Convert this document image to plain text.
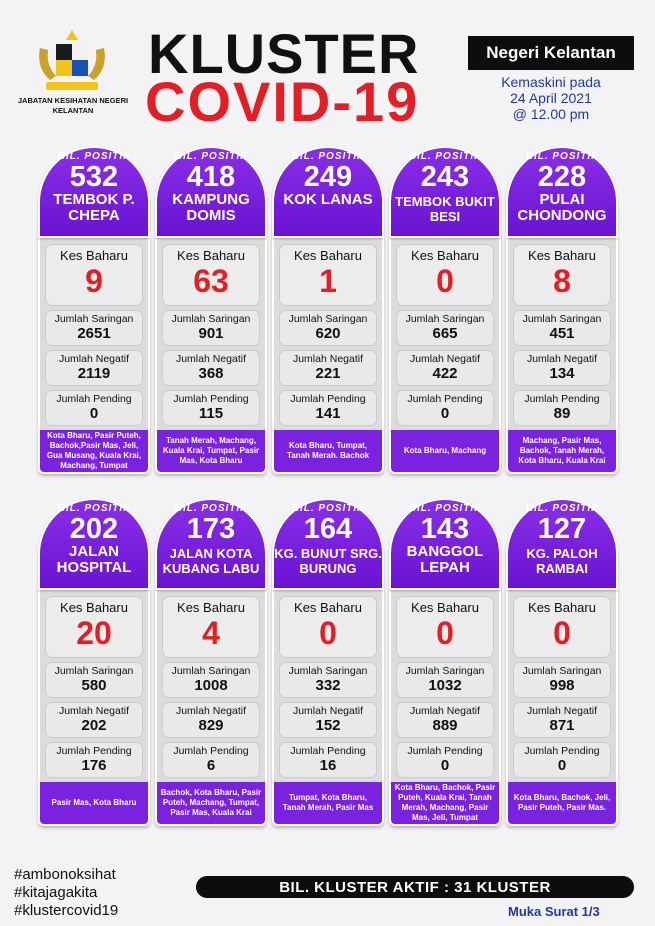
JABATAN KESIHATAN NEGERI KELANTAN
KLUSTER
COVID-19
Negeri Kelantan
Kemaskini pada
24 April 2021
@ 12.00 pm
BIL. POSITIF
532
TEMBOK P. CHEPA
Kes Baharu
9
Jumlah Saringan
2651
Jumlah Negatif
2119
Jumlah Pending
0
Kota Bharu, Pasir Puteh, Bachok,Pasir Mas, Jeli, Gua Musang, Kuala Krai, Machang, Tumpat
BIL. POSITIF
418
KAMPUNG DOMIS
Kes Baharu
63
Jumlah Saringan
901
Jumlah Negatif
368
Jumlah Pending
115
Tanah Merah, Machang, Kuala Krai, Tumpat, Pasir Mas, Kota Bharu
BIL. POSITIF
249
KOK LANAS
Kes Baharu
1
Jumlah Saringan
620
Jumlah Negatif
221
Jumlah Pending
141
Kota Bharu, Tumpat, Tanah Merah. Bachok
BIL. POSITIF
243
TEMBOK BUKIT BESI
Kes Baharu
0
Jumlah Saringan
665
Jumlah Negatif
422
Jumlah Pending
0
Kota Bharu, Machang
BIL. POSITIF
228
PULAI CHONDONG
Kes Baharu
8
Jumlah Saringan
451
Jumlah Negatif
134
Jumlah Pending
89
Machang, Pasir Mas, Bachok, Tanah Merah, Kota Bharu, Kuala Krai
BIL. POSITIF
202
JALAN HOSPITAL
Kes Baharu
20
Jumlah Saringan
580
Jumlah Negatif
202
Jumlah Pending
176
Pasir Mas, Kota Bharu
BIL. POSITIF
173
JALAN KOTA KUBANG LABU
Kes Baharu
4
Jumlah Saringan
1008
Jumlah Negatif
829
Jumlah Pending
6
Bachok, Kota Bharu, Pasir Puteh, Machang, Tumpat, Pasir Mas, Kuala Krai
BIL. POSITIF
164
KG. BUNUT SRG. BURUNG
Kes Baharu
0
Jumlah Saringan
332
Jumlah Negatif
152
Jumlah Pending
16
Tumpat, Kota Bharu, Tanah Merah, Pasir Mas
BIL. POSITIF
143
BANGGOL LEPAH
Kes Baharu
0
Jumlah Saringan
1032
Jumlah Negatif
889
Jumlah Pending
0
Kota Bharu, Bachok, Pasir Puteh, Kuala Krai, Tanah Merah, Machang, Pasir Mas, Jeli, Tumpat
BIL. POSITIF
127
KG. PALOH RAMBAI
Kes Baharu
0
Jumlah Saringan
998
Jumlah Negatif
871
Jumlah Pending
0
Kota Bharu, Bachok, Jeli, Pasir Puteh, Pasir Mas.
#ambonoksihat
#kitajagakita
#klustercovid19
BIL. KLUSTER AKTIF : 31 KLUSTER
Muka Surat 1/3
